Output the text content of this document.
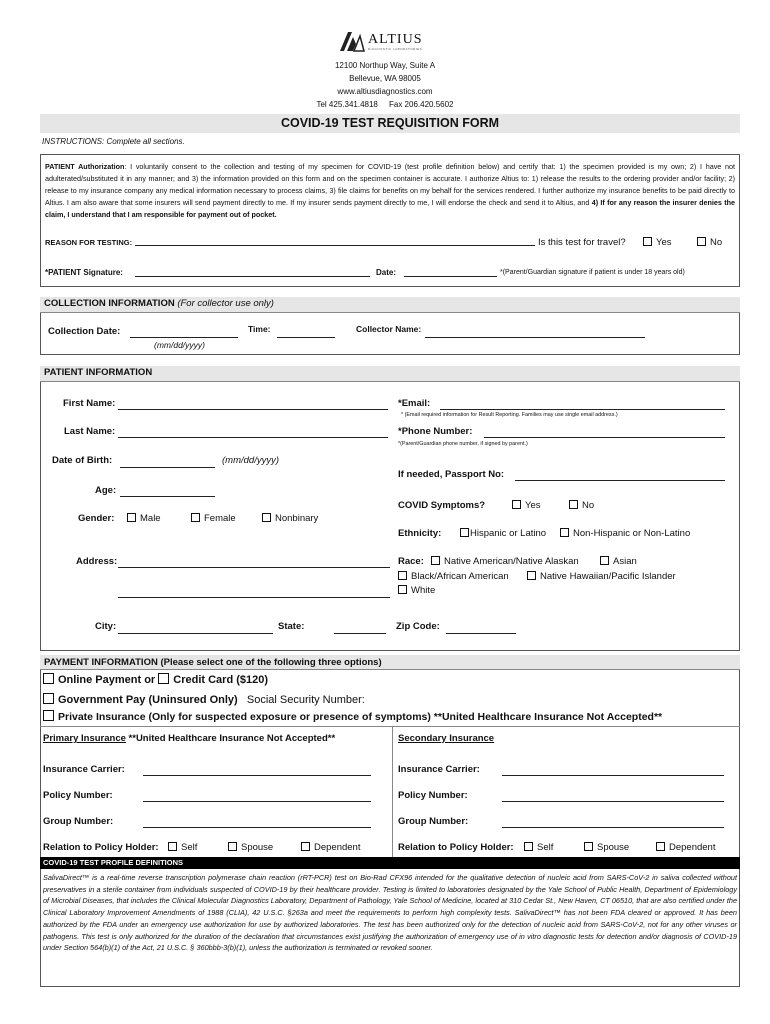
ALTIUS
DIAGNOSTIC LABORATORIES
12100 Northup Way, Suite A
Bellevue, WA 98005
www.altiusdiagnostics.com
Tel 425.341.4818 Fax 206.420.5602
COVID-19 TEST REQUISITION FORM
INSTRUCTIONS: Complete all sections.
PATIENT Authorization: I voluntarily consent to the collection and testing of my specimen for COVID-19 (test profile definition below) and certify that: 1) the specimen provided is my own; 2) I have not adulterated/substituted it in any manner; and 3) the information provided on this form and on the specimen container is accurate. I authorize Altius to: 1) release the results to the ordering provider and/or facility; 2) release to my insurance company any medical information necessary to process claims, 3) file claims for benefits on my behalf for the services rendered. I further authorize my insurance benefits to be paid directly to Altius. I am also aware that some insurers will send payment directly to me. If my insurer sends payment directly to me, I will endorse the check and send it to Altius, and 4) If for any reason the insurer denies the claim, I understand that I am responsible for payment out of pocket.
REASON FOR TESTING:	Is this test for travel?	Yes	No
*PATIENT Signature:	Date:	*(Parent/Guardian signature if patient is under 18 years old)
COLLECTION INFORMATION (For collector use only)
Collection Date:
(mm/dd/yyyy)
Time:	Collector Name:
PATIENT INFORMATION
First Name:
Last Name:
Date of Birth:	(mm/dd/yyyy)
Age:
Gender:	Male	Female	Nonbinary
Address:
City:	State:
*Email:
* (Email required information for Result Reporting. Families may use single email address.)
*Phone Number:
*(Parent/Guardian phone number, if signed by parent.)
If needed, Passport No:
COVID Symptoms?	Yes	No
Ethnicity:	Hispanic or Latino	Non-Hispanic or Non-Latino
Race:	Native American/Native Alaskan	Asian
Black/African American	Native Hawaiian/Pacific Islander
White
Zip Code:
PAYMENT INFORMATION (Please select one of the following three options)
Online Payment or Credit Card ($120)
Government Pay (Uninsured Only) Social Security Number:
Private Insurance (Only for suspected exposure or presence of symptoms) **United Healthcare Insurance Not Accepted**
Primary Insurance **United Healthcare Insurance Not Accepted**
Insurance Carrier:
Policy Number:
Group Number:
Relation to Policy Holder:	Self	Spouse	Dependent
Secondary Insurance
Insurance Carrier:
Policy Number:
Group Number:
Relation to Policy Holder:	Self	Spouse	Dependent
COVID-19 TEST PROFILE DEFINITIONS
SalivaDirect™ is a real-time reverse transcription polymerase chain reaction (rRT-PCR) test on Bio-Rad CFX96 intended for the qualitative detection of nucleic acid from SARS-CoV-2 in saliva collected without preservatives in a sterile container from individuals suspected of COVID-19 by their healthcare provider. Testing is limited to laboratories designated by the Yale School of Public Health, Department of Epidemiology of Microbial Diseases, that includes the Clinical Molecular Diagnostics Laboratory, Department of Pathology, Yale School of Medicine, located at 310 Cedar St., New Haven, CT 06510, that are also certified under the Clinical Laboratory Improvement Amendments of 1988 (CLIA), 42 U.S.C. §263a and meet the requirements to perform high complexity tests. SalivaDirect™ has not been FDA cleared or approved. It has been authorized by the FDA under an emergency use authorization for use by authorized laboratories. The test has been authorized only for the detection of nucleic acid from SARS-CoV-2, not for any other viruses or pathogens. This test is only authorized for the duration of the declaration that circumstances exist justifying the authorization of emergency use of in vitro diagnostic tests for detection and/or diagnosis of COVID-19 under Section 564(b)(1) of the Act, 21 U.S.C. § 360bbb-3(b)(1), unless the authorization is terminated or revoked sooner.
